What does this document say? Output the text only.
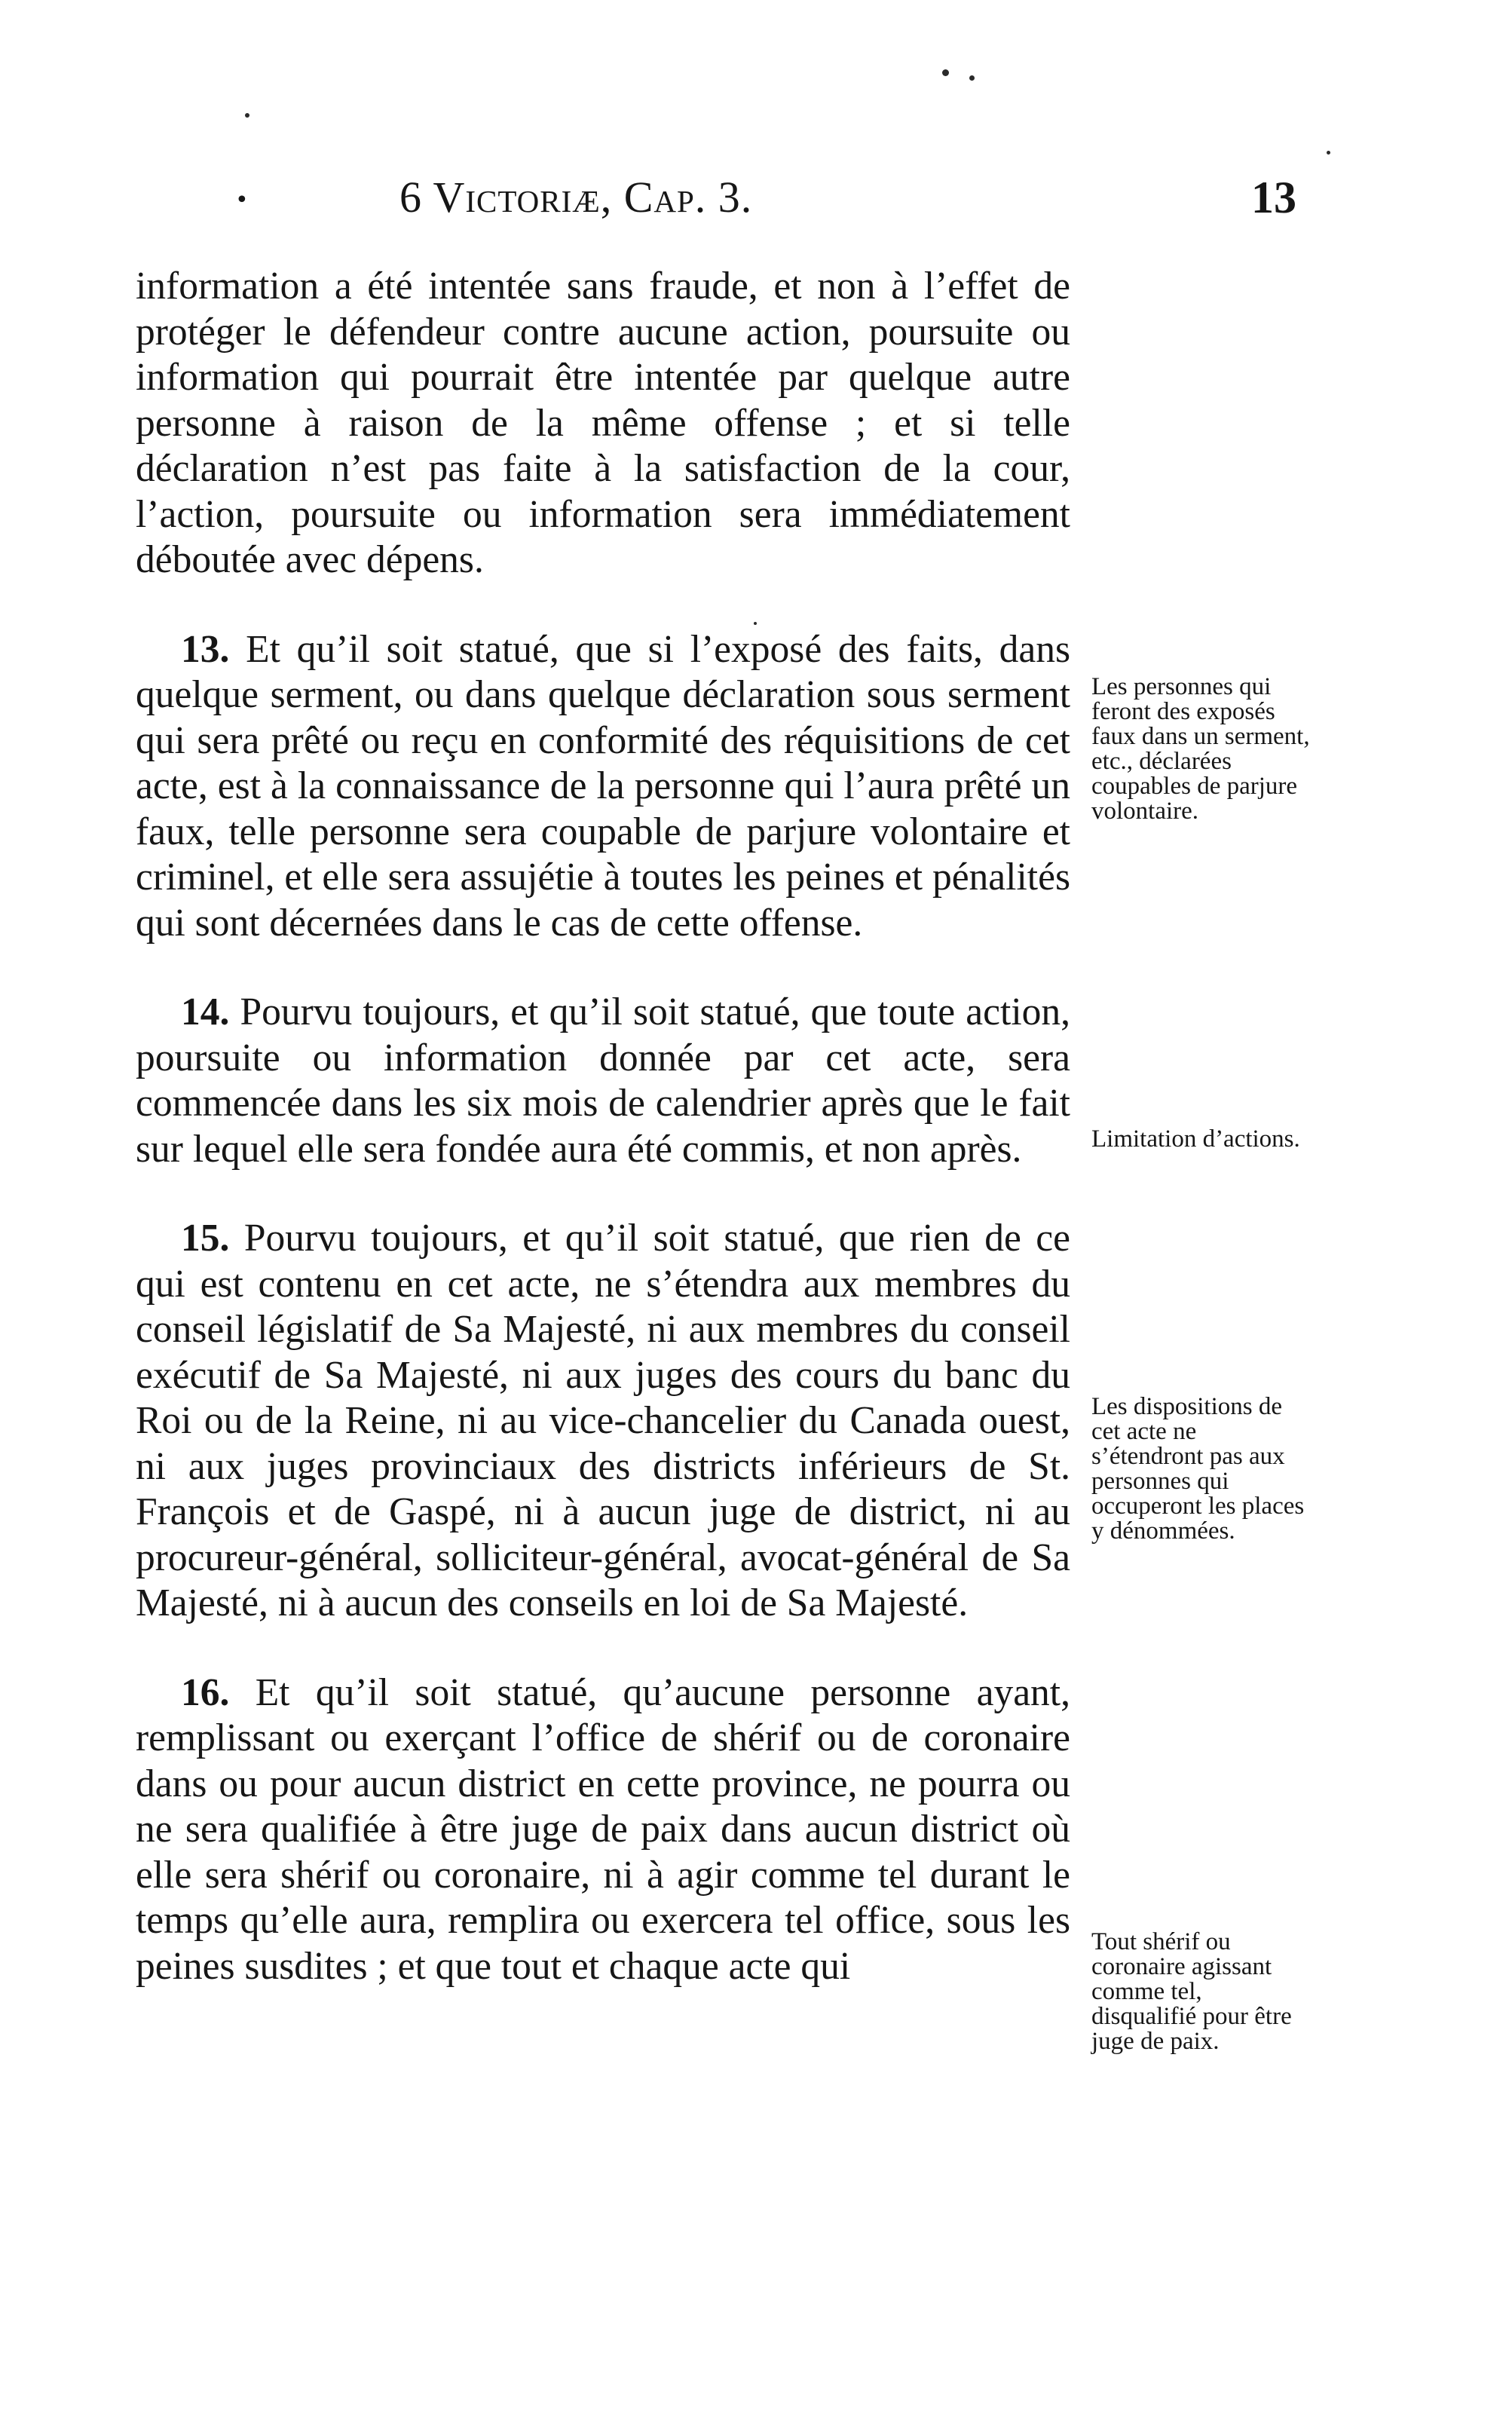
•	6 Victoriæ, Cap. 3.	13

information a été intentée sans fraude, et non à l’effet de protéger le défendeur contre aucune action, poursuite ou information qui pourrait être intentée par quelque autre personne à raison de la même offense ; et si telle déclaration n’est pas faite à la satisfaction de la cour, l’action, poursuite ou information sera immédiatement déboutée avec dépens.

13. Et qu’il soit statué, que si l’exposé des faits, dans quelque serment, ou dans quelque déclaration sous serment qui sera prêté ou reçu en conformité des réquisitions de cet acte, est à la connaissance de la personne qui l’aura prêté un faux, telle personne sera coupable de parjure volontaire et criminel, et elle sera assujétie à toutes les peines et pénalités qui sont décernées dans le cas de cette offense.

14. Pourvu toujours, et qu’il soit statué, que toute action, poursuite ou information donnée par cet acte, sera commencée dans les six mois de calendrier après que le fait sur lequel elle sera fondée aura été commis, et non après.

15. Pourvu toujours, et qu’il soit statué, que rien de ce qui est contenu en cet acte, ne s’étendra aux membres du conseil législatif de Sa Majesté, ni aux membres du conseil exécutif de Sa Majesté, ni aux juges des cours du banc du Roi ou de la Reine, ni au vice-chancelier du Canada ouest, ni aux juges provinciaux des districts inférieurs de St. François et de Gaspé, ni à aucun juge de district, ni au procureur-général, solliciteur-général, avocat-général de Sa Majesté, ni à aucun des conseils en loi de Sa Majesté.

16. Et qu’il soit statué, qu’aucune personne ayant, remplissant ou exerçant l’office de shérif ou de coronaire dans ou pour aucun district en cette province, ne pourra ou ne sera qualifiée à être juge de paix dans aucun district où elle sera shérif ou coronaire, ni à agir comme tel durant le temps qu’elle aura, remplira ou exercera tel office, sous les peines susdites ; et que tout et chaque acte qui

Les personnes qui feront des exposés faux dans un serment, etc., déclarées coupables de parjure volontaire.
Limitation d’actions.
Les dispositions de cet acte ne s’étendront pas aux personnes qui occuperont les places y dénommées.
Tout shérif ou coronaire agissant comme tel, disqualifié pour être juge de paix.
